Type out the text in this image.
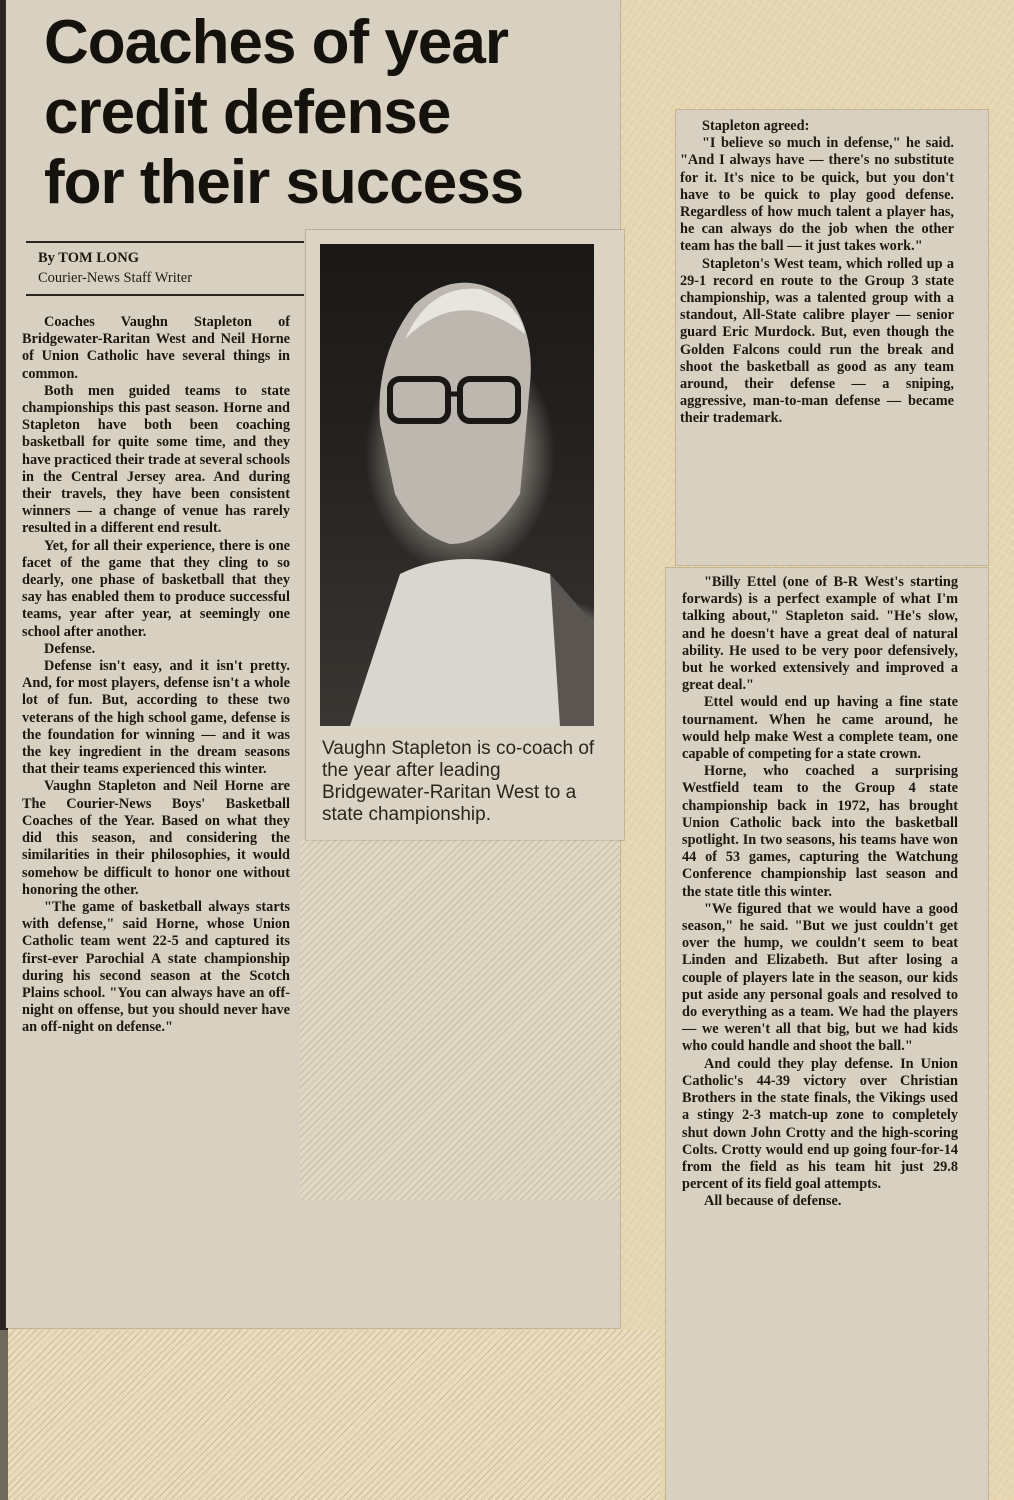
Coaches of year
credit defense
for their success
By TOM LONG
Courier-News Staff Writer
Vaughn Stapleton is co-coach of the year after leading Bridgewater-Raritan West to a state championship.

Coaches Vaughn Stapleton of Bridgewater-Raritan West and Neil Horne of Union Catholic have several things in common.

Both men guided teams to state championships this past season. Horne and Stapleton have both been coaching basketball for quite some time, and they have practiced their trade at several schools in the Central Jersey area. And during their travels, they have been consistent winners — a change of venue has rarely resulted in a different end result.

Yet, for all their experience, there is one facet of the game that they cling to so dearly, one phase of basketball that they say has enabled them to produce successful teams, year after year, at seemingly one school after another.

Defense.

Defense isn't easy, and it isn't pretty. And, for most players, defense isn't a whole lot of fun. But, according to these two veterans of the high school game, defense is the foundation for winning — and it was the key ingredient in the dream seasons that their teams experienced this winter.

Vaughn Stapleton and Neil Horne are The Courier-News Boys' Basketball Coaches of the Year. Based on what they did this season, and considering the similarities in their philosophies, it would somehow be difficult to honor one without honoring the other.

"The game of basketball always starts with defense," said Horne, whose Union Catholic team went 22-5 and captured its first-ever Parochial A state championship during his second season at the Scotch Plains school. "You can always have an off-night on offense, but you should never have an off-night on defense."

Stapleton agreed:

"I believe so much in defense," he said. "And I always have — there's no substitute for it. It's nice to be quick, but you don't have to be quick to play good defense. Regardless of how much talent a player has, he can always do the job when the other team has the ball — it just takes work."

Stapleton's West team, which rolled up a 29-1 record en route to the Group 3 state championship, was a talented group with a standout, All-State calibre player — senior guard Eric Murdock. But, even though the Golden Falcons could run the break and shoot the basketball as good as any team around, their defense — a sniping, aggressive, man-to-man defense — became their trademark.

"Billy Ettel (one of B-R West's starting forwards) is a perfect example of what I'm talking about," Stapleton said. "He's slow, and he doesn't have a great deal of natural ability. He used to be very poor defensively, but he worked extensively and improved a great deal."

Ettel would end up having a fine state tournament. When he came around, he would help make West a complete team, one capable of competing for a state crown.

Horne, who coached a surprising Westfield team to the Group 4 state championship back in 1972, has brought Union Catholic back into the basketball spotlight. In two seasons, his teams have won 44 of 53 games, capturing the Watchung Conference championship last season and the state title this winter.

"We figured that we would have a good season," he said. "But we just couldn't get over the hump, we couldn't seem to beat Linden and Elizabeth. But after losing a couple of players late in the season, our kids put aside any personal goals and resolved to do everything as a team. We had the players — we weren't all that big, but we had kids who could handle and shoot the ball."

And could they play defense. In Union Catholic's 44-39 victory over Christian Brothers in the state finals, the Vikings used a stingy 2-3 match-up zone to completely shut down John Crotty and the high-scoring Colts. Crotty would end up going four-for-14 from the field as his team hit just 29.8 percent of its field goal attempts.

All because of defense.
